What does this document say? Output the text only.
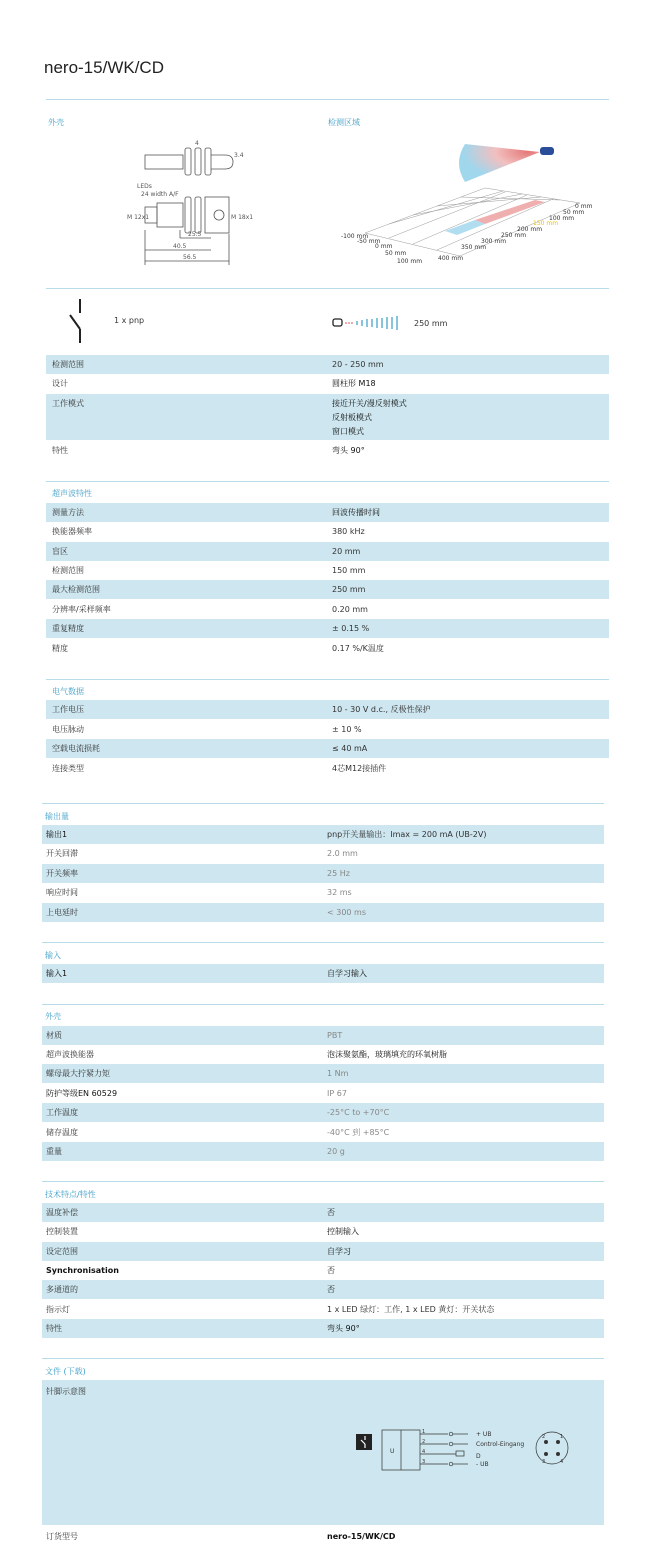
nero-15/WK/CD
外壳	检测区域
4
3.4
LEDs
24 width A/F
M 12x1	M 18x1
25.5
40.5
56.5
0 mm
50 mm
100 mm
150 mm
200 mm
250 mm
300 mm
350 mm
400 mm
-100 mm
-50 mm
0 mm
50 mm
100 mm
1 x pnp	250 mm
检测范围	20 - 250 mm
设计	圆柱形 M18
工作模式	接近开关/漫反射模式
反射板模式
窗口模式
特性	弯头 90°
超声波特性
测量方法	回波传播时间
换能器频率	380 kHz
盲区	20 mm
检测范围	150 mm
最大检测范围	250 mm
分辨率/采样频率	0.20 mm
重复精度	± 0.15 %
精度	0.17 %/K温度
电气数据
工作电压	10 - 30 V d.c., 反极性保护
电压脉动	± 10 %
空载电流损耗	≤ 40 mA
连接类型	4芯M12接插件
输出量
输出1	pnp开关量输出：Imax = 200 mA (UB-2V)
开关回滞	2.0 mm
开关频率	25 Hz
响应时间	32 ms
上电延时	< 300 ms
输入
输入1	自学习输入
外壳
材质	PBT
超声波换能器	泡沫聚氨酯，玻璃填充的环氧树脂
螺母最大拧紧力矩	1 Nm
防护等级EN 60529	IP 67
工作温度	-25°C to +70°C
储存温度	-40°C 到 +85°C
重量	20 g
技术特点/特性
温度补偿	否
控制装置	控制输入
设定范围	自学习
Synchronisation	否
多通道的	否
指示灯	1 x LED 绿灯：工作, 1 x LED 黄灯：开关状态
特性	弯头 90°
文件 (下载)
针脚示意图
U
1
2
4
3
+ UB
Control-Eingang
D
- UB
2	1
3	4
订货型号	nero-15/WK/CD
